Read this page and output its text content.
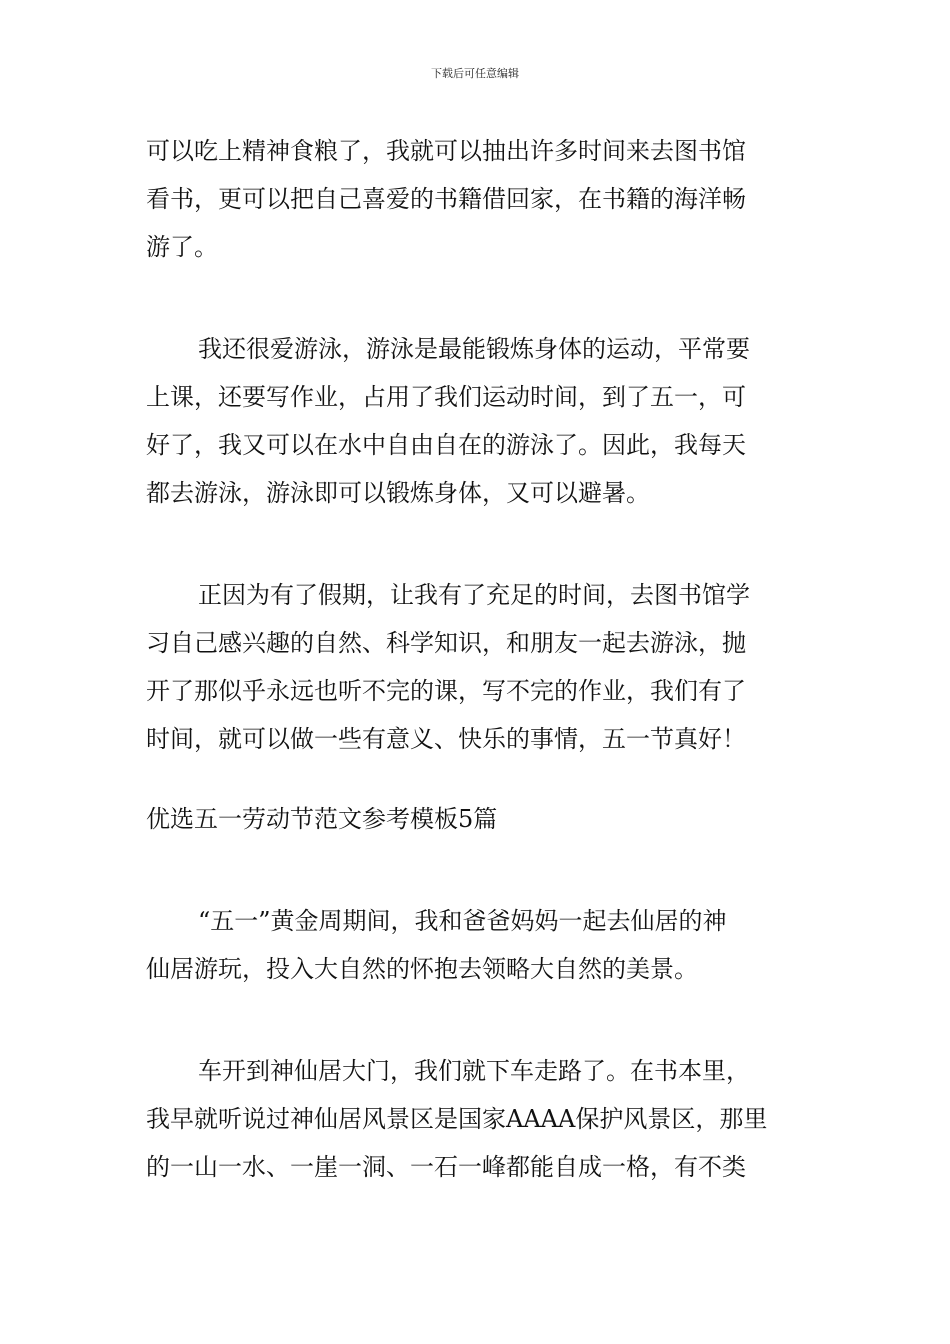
下载后可任意编辑
可以吃上精神食粮了，我就可以抽出许多时间来去图书馆
看书，更可以把自己喜爱的书籍借回家，在书籍的海洋畅
游了。
我还很爱游泳，游泳是最能锻炼身体的运动，平常要
上课，还要写作业，占用了我们运动时间，到了五一，可
好了，我又可以在水中自由自在的游泳了。因此，我每天
都去游泳，游泳即可以锻炼身体，又可以避暑。
正因为有了假期，让我有了充足的时间，去图书馆学
习自己感兴趣的自然、科学知识，和朋友一起去游泳，抛
开了那似乎永远也听不完的课，写不完的作业，我们有了
时间，就可以做一些有意义、快乐的事情，五一节真好！
优选五一劳动节范文参考模板5篇
“五一”黄金周期间，我和爸爸妈妈一起去仙居的神
仙居游玩，投入大自然的怀抱去领略大自然的美景。
车开到神仙居大门，我们就下车走路了。在书本里，
我早就听说过神仙居风景区是国家AAAA保护风景区，那里
的一山一水、一崖一洞、一石一峰都能自成一格，有不类
